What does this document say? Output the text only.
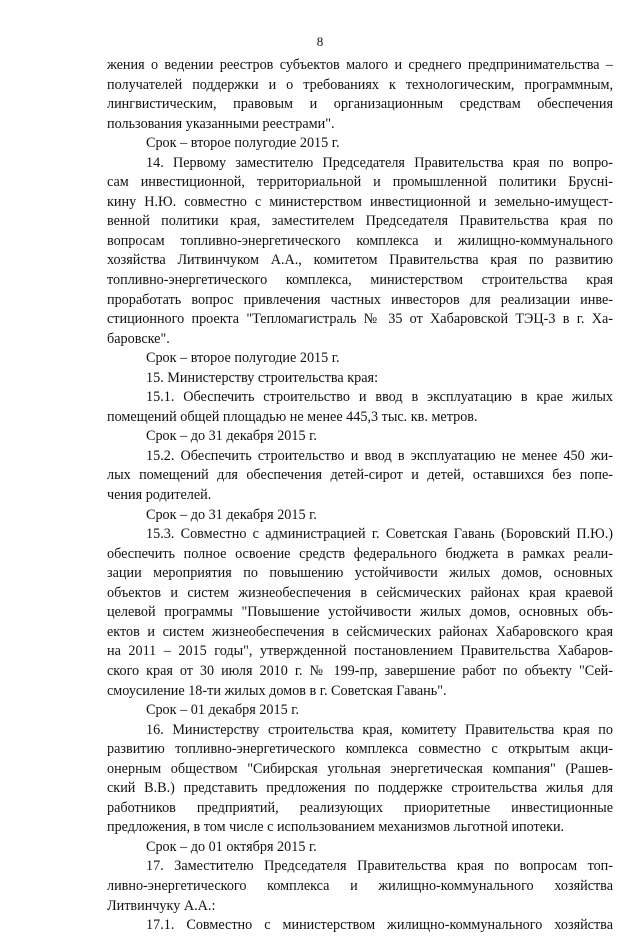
8
жения о ведении реестров субъектов малого и среднего предпринимательства –
получателей поддержки и о требованиях к технологическим, программным,
лингвистическим, правовым и организационным средствам обеспечения
пользования указанными реестрами".
Срок – второе полугодие 2015 г.
14. Первому заместителю Председателя Правительства края по вопро-
сам инвестиционной, территориальной и промышленной политики Бруснi-
кину Н.Ю. совместно с министерством инвестиционной и земельно-имущест-
венной политики края, заместителем Председателя Правительства края по
вопросам топливно-энергетического комплекса и жилищно-коммунального
хозяйства Литвинчуком А.А., комитетом Правительства края по развитию
топливно-энергетического комплекса, министерством строительства края
проработать вопрос привлечения частных инвесторов для реализации инве-
стиционного проекта "Тепломагистраль № 35 от Хабаровской ТЭЦ-3 в г. Ха-
баровске".
Срок – второе полугодие 2015 г.
15. Министерству строительства края:
15.1. Обеспечить строительство и ввод в эксплуатацию в крае жилых
помещений общей площадью не менее 445,3 тыс. кв. метров.
Срок – до 31 декабря 2015 г.
15.2. Обеспечить строительство и ввод в эксплуатацию не менее 450 жи-
лых помещений для обеспечения детей-сирот и детей, оставшихся без попе-
чения родителей.
Срок – до 31 декабря 2015 г.
15.3. Совместно с администрацией г. Советская Гавань (Боровский П.Ю.)
обеспечить полное освоение средств федерального бюджета в рамках реали-
зации мероприятия по повышению устойчивости жилых домов, основных
объектов и систем жизнеобеспечения в сейсмических районах края краевой
целевой программы "Повышение устойчивости жилых домов, основных объ-
ектов и систем жизнеобеспечения в сейсмических районах Хабаровского края
на 2011 – 2015 годы", утвержденной постановлением Правительства Хабаров-
ского края от 30 июля 2010 г. № 199-пр, завершение работ по объекту "Сей-
смоусиление 18-ти жилых домов в г. Советская Гавань".
Срок – 01 декабря 2015 г.
16. Министерству строительства края, комитету Правительства края по
развитию топливно-энергетического комплекса совместно с открытым акци-
онерным обществом "Сибирская угольная энергетическая компания" (Рашев-
ский В.В.) представить предложения по поддержке строительства жилья для
работников предприятий, реализующих приоритетные инвестиционные
предложения, в том числе с использованием механизмов льготной ипотеки.
Срок – до 01 октября 2015 г.
17. Заместителю Председателя Правительства края по вопросам топ-
ливно-энергетического комплекса и жилищно-коммунального хозяйства
Литвинчуку А.А.:
17.1. Совместно с министерством жилищно-коммунального хозяйства
